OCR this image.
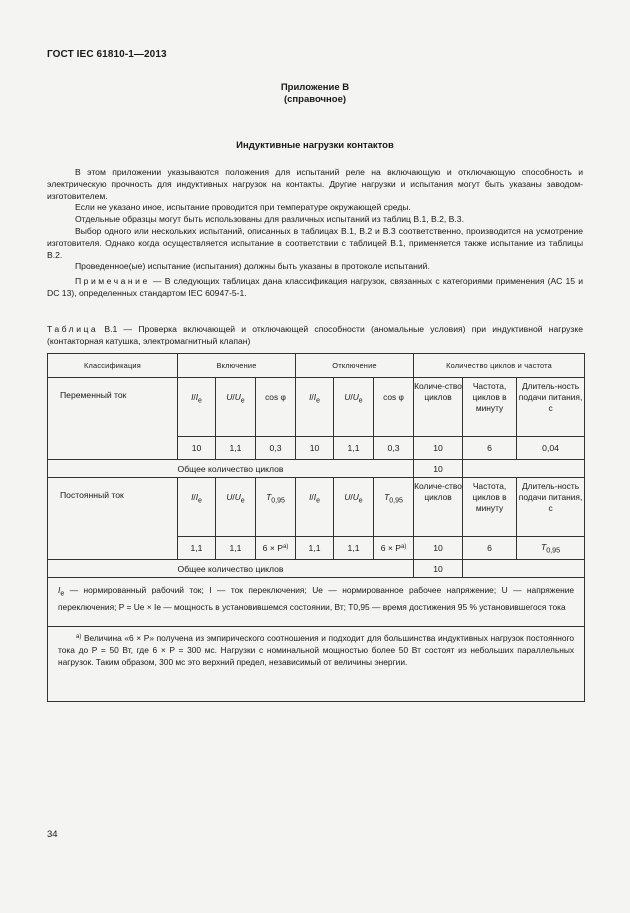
ГОСТ IEC 61810-1—2013
Приложение В
(справочное)
Индуктивные нагрузки контактов

В этом приложении указываются положения для испытаний реле на включающую и отключающую способность и электрическую прочность для индуктивных нагрузок на контакты. Другие нагрузки и испытания могут быть указаны заводом-изготовителем.

Если не указано иное, испытание проводится при температуре окружающей среды.

Отдельные образцы могут быть использованы для различных испытаний из таблиц В.1, В.2, В.3.

Выбор одного или нескольких испытаний, описанных в таблицах В.1, В.2 и В.3 соответственно, производится на усмотрение изготовителя. Однако когда осуществляется испытание в соответствии с таблицей В.1, применяется также испытание из таблицы В.2.

Проведенное(ые) испытание (испытания) должны быть указаны в протоколе испытаний.

Примечание — В следующих таблицах дана классификация нагрузок, связанных с категориями применения (АС 15 и DC 13), определенных стандартом IEC 60947-5-1.

Таблица В.1 — Проверка включающей и отключающей способности (аномальные условия) при индуктивной нагрузке (контакторная катушка, электромагнитный клапан)
Классификация	Включение			Отключение			Количество циклов и частота		
Переменный ток	$I/I_e$	$U/U_e$	cos φ	$I/I_e$	$U/U_e$	cos φ	Количе-ство циклов	Частота, циклов в минуту	Длитель-ность подачи питания, с
	10	1,1	0,3	10	1,1	0,3	10	6	0,04
Общее количество циклов							10		
Постоянный ток	$I/I_e$	$U/U_e$	$T_{0,95}$	$I/I_e$	$U/U_e$	$T_{0,95}$	Количе-ство циклов	Частота, циклов в минуту	Длитель-ность подачи питания, с
	1,1	1,1	$6 \times P^{а)}$	1,1	1,1	$6 \times P^{а)}$	10	6	$T_{0,95}$
Общее количество циклов							10		
$I_e$ — нормированный рабочий ток; I — ток переключения; Ue — нормированное рабочее напряжение; U — напряжение переключения; P = Ue × Ie — мощность в установившемся состоянии, Вт; T0,95 — время достижения 95 % установившегося тока									

$^{а)}$ Величина «6 × P» получена из эмпирического соотношения и подходит для большинства индуктивных нагрузок постоянного тока до P = 50 Вт, где 6 × P = 300 мс. Нагрузки с номинальной мощностью более 50 Вт состоят из небольших параллельных нагрузок. Таким образом, 300 мс это верхний предел, независимый от величины энергии.									

34
